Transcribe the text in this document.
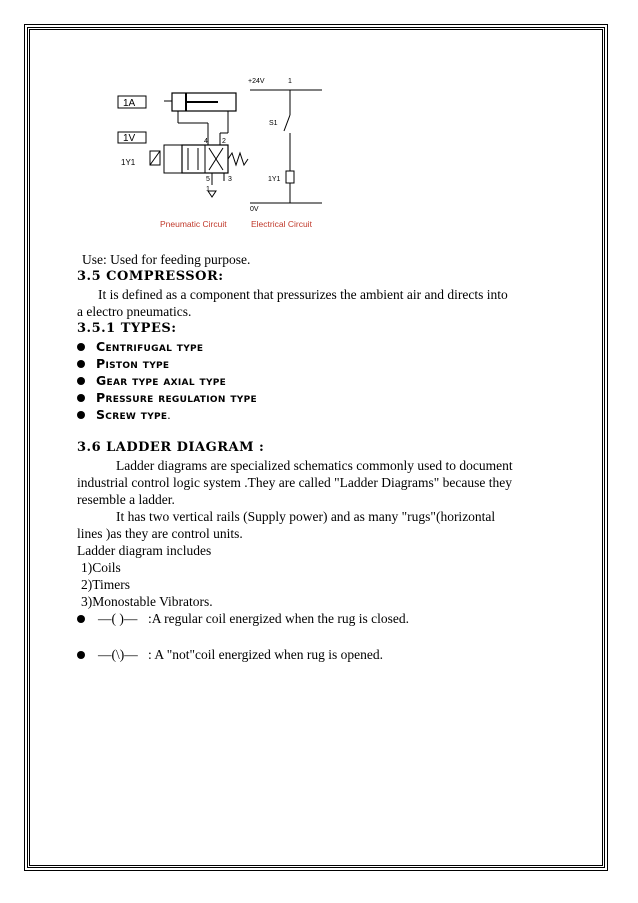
1A
1V
1Y1
4 2
5	3
1
Pneumatic Circuit
+24V	1
S1
1Y1
0V
Electrical Circuit
Use: Used for feeding purpose.
3.5 COMPRESSOR:
It is defined as a component that pressurizes the ambient air and directs into
a electro pneumatics.
3.5.1 TYPES:
Centrifugal type
Piston type
Gear type axial type
Pressure regulation type
Screw type.
3.6 LADDER DIAGRAM :
Ladder diagrams are specialized schematics commonly used to document
industrial control logic system .They are called "Ladder Diagrams" because they
resemble a ladder.
It has two vertical rails (Supply power) and as many "rugs"(horizontal
lines )as they are control units.
Ladder diagram includes
1)Coils
2)Timers
3)Monostable Vibrators.
—( )— :A regular coil energized when the rug is closed.
—(\)— : A "not"coil energized when rug is opened.
